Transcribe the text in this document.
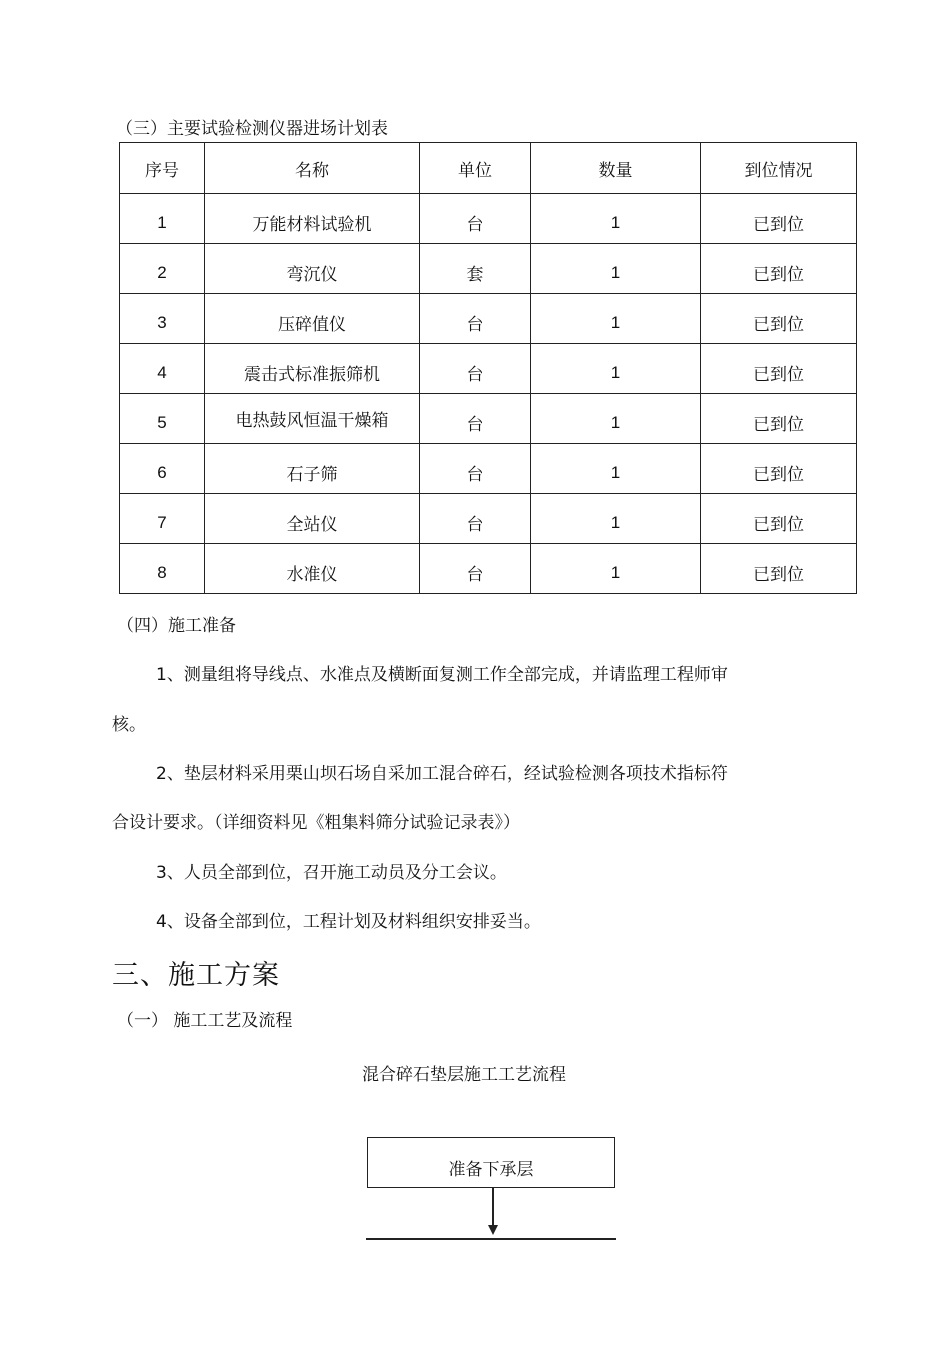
（三）主要试验检测仪器进场计划表
序号	名称	单位	数量	到位情况
1	万能材料试验机	台	1	已到位
2	弯沉仪	套	1	已到位
3	压碎值仪	台	1	已到位
4	震击式标准振筛机	台	1	已到位
5	电热鼓风恒温干燥箱	台	1	已到位
6	石子筛	台	1	已到位
7	全站仪	台	1	已到位
8	水准仪	台	1	已到位
（四）施工准备
1、测量组将导线点、水准点及横断面复测工作全部完成，并请监理工程师审
核。
2、垫层材料采用栗山坝石场自采加工混合碎石，经试验检测各项技术指标符
合设计要求。（详细资料见《粗集料筛分试验记录表》）
3、人员全部到位，召开施工动员及分工会议。
4、设备全部到位，工程计划及材料组织安排妥当。
三、施工方案
（一） 施工工艺及流程
混合碎石垫层施工工艺流程
准备下承层
